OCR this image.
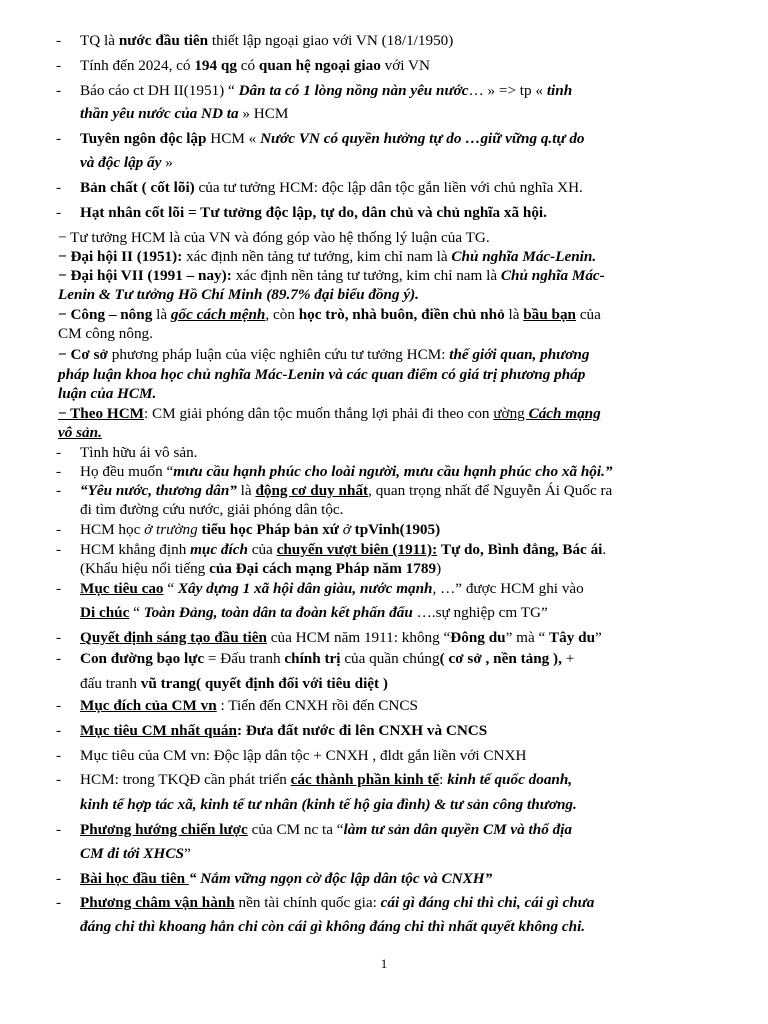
- TQ là nước đầu tiên thiết lập ngoại giao với VN (18/1/1950)
- Tính đến 2024, có 194 qg có quan hệ ngoại giao với VN
- Báo cáo ct DH II(1951) “ Dân ta có 1 lòng nồng nàn yêu nước… » => tp « tinh
thần yêu nước của ND ta » HCM
- Tuyên ngôn độc lập HCM « Nước VN có quyền hưởng tự do …giữ vững q.tự do
và độc lập ấy »
- Bản chất ( cốt lõi) của tư tưởng HCM: độc lập dân tộc gắn liền với chủ nghĩa XH.
- Hạt nhân cốt lõi = Tư tưởng độc lập, tự do, dân chủ và chủ nghĩa xã hội.
− Tư tưởng HCM là của VN và đóng góp vào hệ thống lý luận của TG.
− Đại hội II (1951): xác định nền tảng tư tưởng, kim chỉ nam là Chủ nghĩa Mác-Lenin.
− Đại hội VII (1991 – nay): xác định nền tảng tư tưởng, kim chỉ nam là Chủ nghĩa Mác-
Lenin & Tư tưởng Hồ Chí Minh (89.7% đại biểu đồng ý).
− Công – nông là gốc cách mệnh, còn học trò, nhà buôn, điền chủ nhỏ là bầu bạn của
CM công nông.
− Cơ sở phương pháp luận của việc nghiên cứu tư tưởng HCM: thế giới quan, phương
pháp luận khoa học chủ nghĩa Mác-Lenin và các quan điểm có giá trị phương pháp
luận của HCM.
− Theo HCM: CM giải phóng dân tộc muốn thắng lợi phải đi theo con ường Cách mạng
vô sản.
- Tình hữu ái vô sản.
- Họ đều muốn “mưu cầu hạnh phúc cho loài người, mưu cầu hạnh phúc cho xã hội.”
- “Yêu nước, thương dân” là động cơ duy nhất, quan trọng nhất để Nguyễn Ái Quốc ra
đi tìm đường cứu nước, giải phóng dân tộc.
- HCM học ở trường tiểu học Pháp bản xứ ở tpVinh(1905)
- HCM khẳng định mục đích của chuyến vượt biên (1911): Tự do, Bình đẳng, Bác ái.
(Khẩu hiệu nổi tiếng của Đại cách mạng Pháp năm 1789)
- Mục tiêu cao “ Xây dựng 1 xã hội dân giàu, nước mạnh, …” được HCM ghi vào
Di chúc “ Toàn Đảng, toàn dân ta đoàn kết phấn đấu ….sự nghiệp cm TG”
- Quyết định sáng tạo đầu tiên của HCM năm 1911: không “Đông du” mà “ Tây du”
- Con đường bạo lực = Đấu tranh chính trị của quần chúng( cơ sở , nền tảng ), +
đấu tranh vũ trang( quyết định đối với tiêu diệt )
- Mục đích của CM vn : Tiến đến CNXH rồi đến CNCS
- Mục tiêu CM nhất quán: Đưa đất nước đi lên CNXH và CNCS
- Mục tiêu của CM vn: Độc lập dân tộc + CNXH , đldt gắn liền với CNXH
- HCM: trong TKQĐ cần phát triển các thành phần kinh tế: kinh tế quốc doanh,
kinh tế hợp tác xã, kinh tế tư nhân (kinh tế hộ gia đình) & tư sản công thương.
- Phương hướng chiến lược của CM nc ta “làm tư sản dân quyền CM và thổ địa
CM đi tới XHCS”
- Bài học đầu tiên “ Nắm vững ngọn cờ độc lập dân tộc và CNXH”
- Phương châm vận hành nền tài chính quốc gia: cái gì đáng chi thì chi, cái gì chưa
đáng chi thì khoang hẳn chi còn cái gì không đáng chi thì nhất quyết không chi.
1
